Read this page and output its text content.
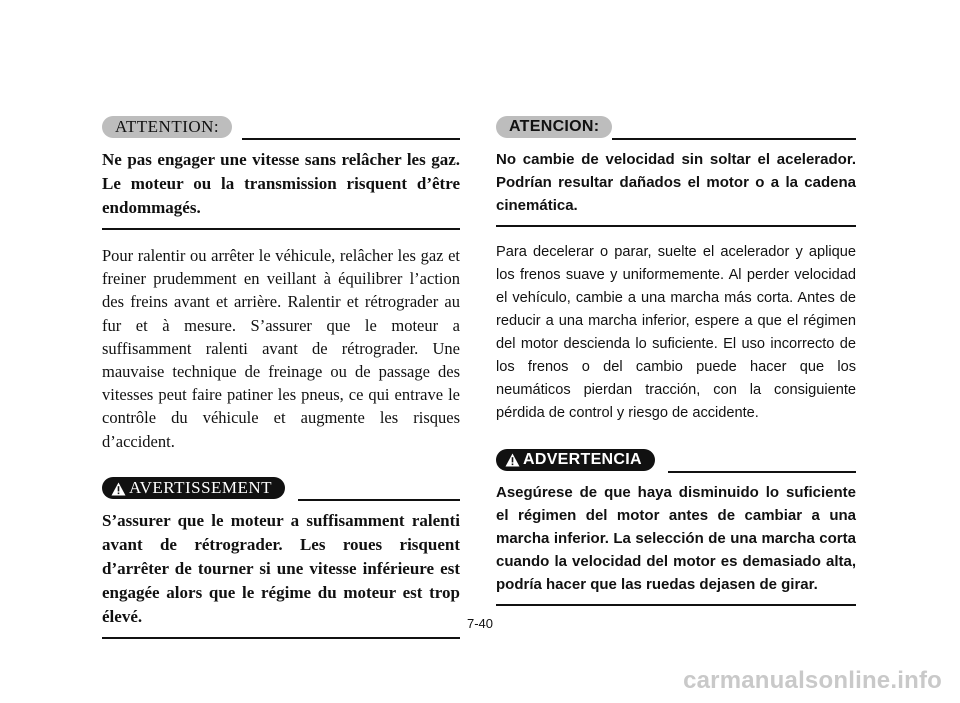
ATTENTION:

Ne pas engager une vitesse sans relâcher les gaz. Le moteur ou la transmission risquent d’être endommagés.

Pour ralentir ou arrêter le véhicule, relâcher les gaz et freiner prudemment en veillant à équilibrer l’action des freins avant et arrière. Ralentir et rétrograder au fur et à mesure. S’assurer que le moteur a suffisamment ralenti avant de rétrograder. Une mauvaise technique de freinage ou de passage des vitesses peut faire patiner les pneus, ce qui entrave le contrôle du véhicule et augmente les risques d’accident.

AVERTISSEMENT

S’assurer que le moteur a suffisamment ralenti avant de rétrograder. Les roues risquent d’arrêter de tourner si une vitesse inférieure est engagée alors que le régime du moteur est trop élevé.

ATENCION:

No cambie de velocidad sin soltar el acelerador. Podrían resultar dañados el motor o a la cadena cinemática.

Para decelerar o parar, suelte el acelerador y aplique los frenos suave y uniformemente. Al perder velocidad el vehículo, cambie a una marcha más corta. Antes de reducir a una marcha inferior, espere a que el régimen del motor descienda lo suficiente. El uso incorrecto de los frenos o del cambio puede hacer que los neumáticos pierdan tracción, con la consiguiente pérdida de control y riesgo de accidente.

ADVERTENCIA

Asegúrese de que haya disminuido lo suficiente el régimen del motor antes de cambiar a una marcha inferior. La selección de una marcha corta cuando la velocidad del motor es demasiado alta, podría hacer que las ruedas dejasen de girar.

7-40
carmanualsonline.info
